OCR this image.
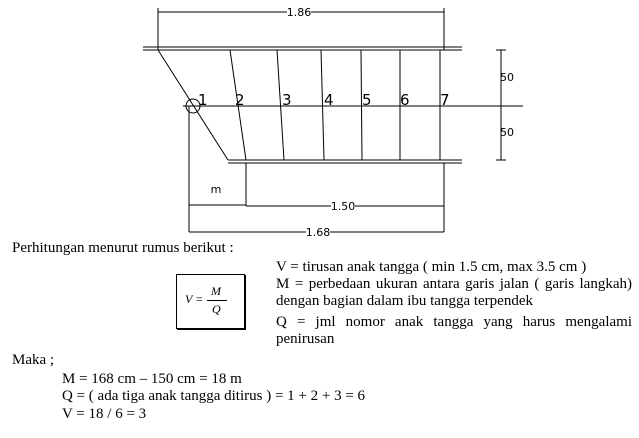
1.86
50
50
m
1.50
1.68
1 2 3 4 5 6 7
Perhitungan menurut rumus berikut :
V =
M
Q
V = tirusan anak tangga ( min 1.5 cm, max 3.5 cm )
M = perbedaan ukuran antara garis jalan ( garis langkah) dengan bagian dalam ibu tangga terpendek
Q = jml nomor anak tangga yang harus mengalami penirusan
Maka ;
M = 168 cm – 150 cm = 18 m
Q = ( ada tiga anak tangga ditirus ) = 1 + 2 + 3 = 6
V = 18 / 6 = 3
